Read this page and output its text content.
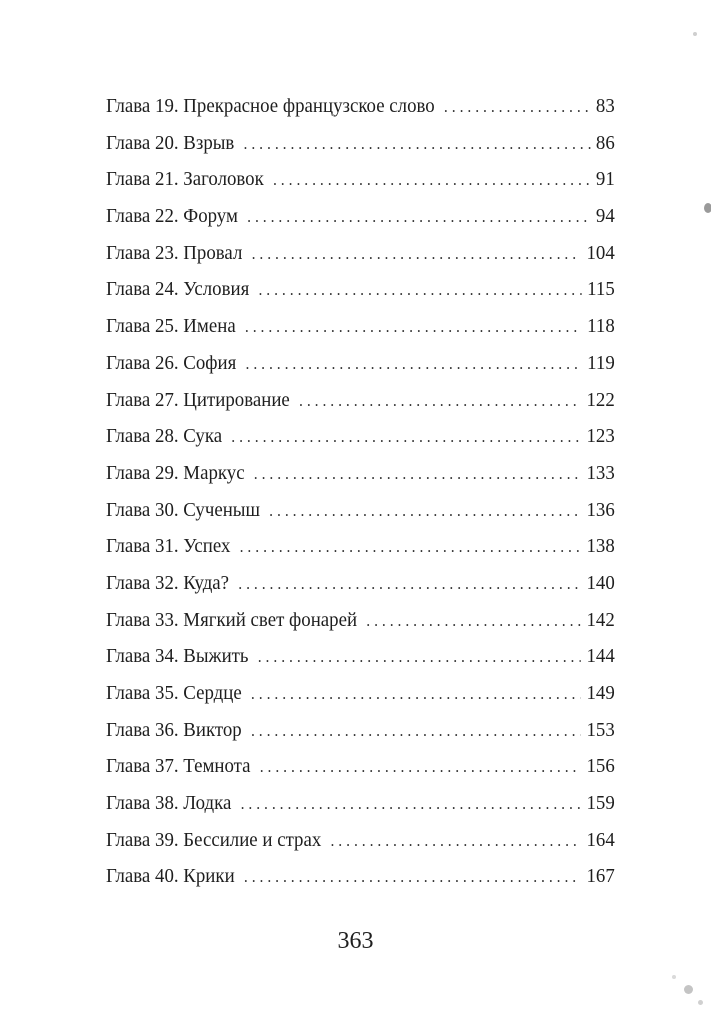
Глава 19. Прекрасное французское слово . . .	83
Глава 20. Взрыв . . .	86
Глава 21. Заголовок . . .	91
Глава 22. Форум . . .	94
Глава 23. Провал . . .	104
Глава 24. Условия . . .	115
Глава 25. Имена . . .	118
Глава 26. София . . .	119
Глава 27. Цитирование . . .	122
Глава 28. Сука . . .	123
Глава 29. Маркус . . .	133
Глава 30. Сученыш . . .	136
Глава 31. Успех . . .	138
Глава 32. Куда? . . .	140
Глава 33. Мягкий свет фонарей . . .	142
Глава 34. Выжить . . .	144
Глава 35. Сердце . . .	149
Глава 36. Виктор . . .	153
Глава 37. Темнота . . .	156
Глава 38. Лодка . . .	159
Глава 39. Бессилие и страх . . .	164
Глава 40. Крики . . .	167
363
